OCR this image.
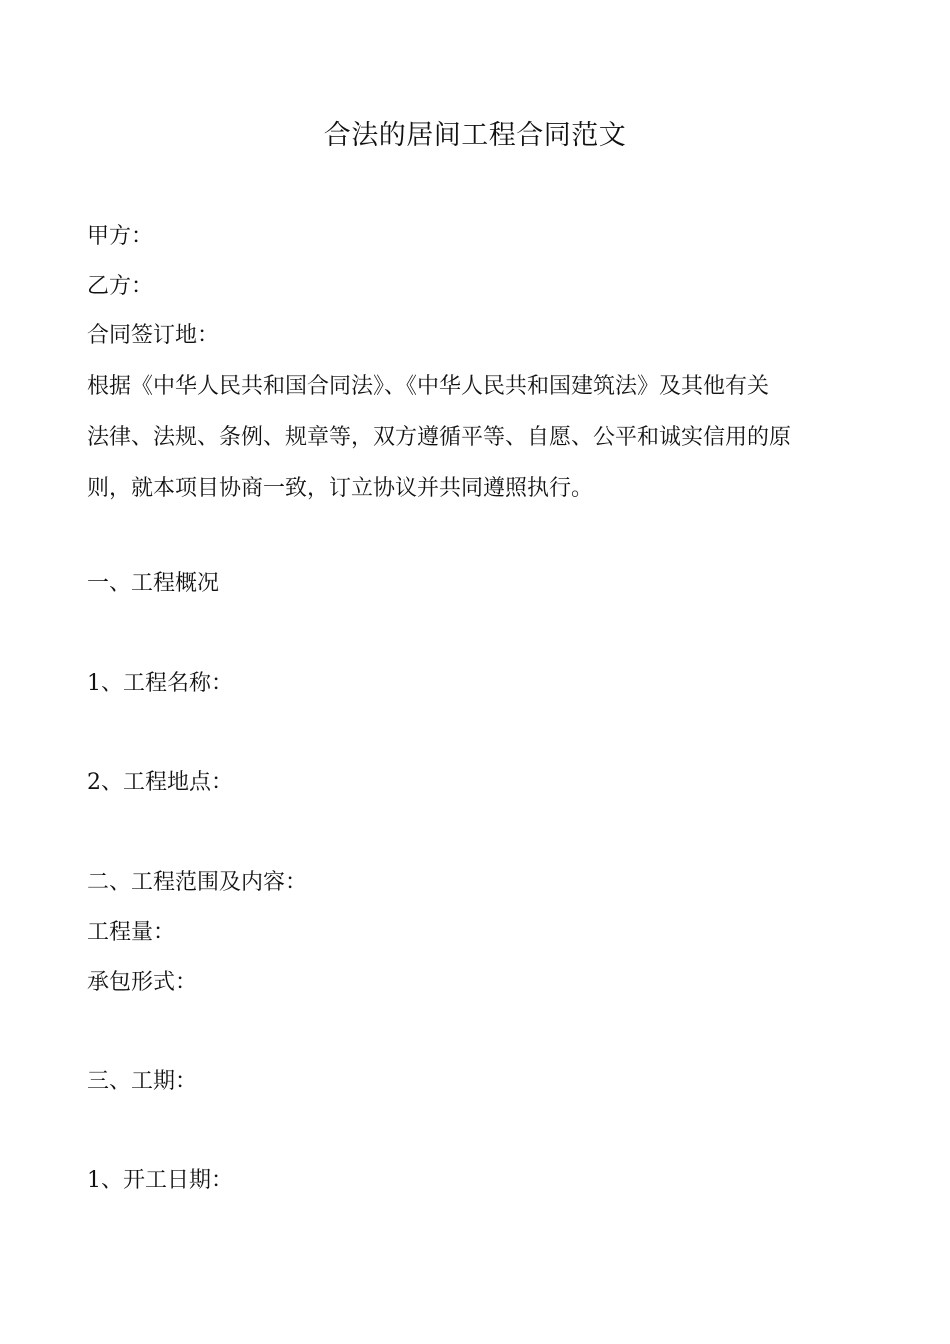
合法的居间工程合同范文
甲方：
乙方：
合同签订地：
根据《中华人民共和国合同法》、《中华人民共和国建筑法》及其他有关
法律、法规、条例、规章等，双方遵循平等、自愿、公平和诚实信用的原
则，就本项目协商一致，订立协议并共同遵照执行。
一、工程概况
1、工程名称：
2、工程地点：
二、工程范围及内容：
工程量：
承包形式：
三、工期：
1、开工日期：
